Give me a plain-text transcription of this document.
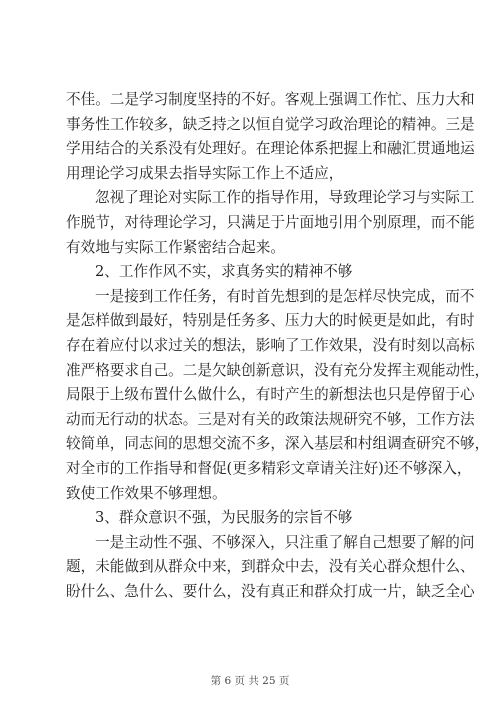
不佳。二是学习制度坚持的不好。客观上强调工作忙、压力大和
事务性工作较多，缺乏持之以恒自觉学习政治理论的精神。三是
学用结合的关系没有处理好。在理论体系把握上和融汇贯通地运
用理论学习成果去指导实际工作上不适应，
忽视了理论对实际工作的指导作用，导致理论学习与实际工
作脱节，对待理论学习，只满足于片面地引用个别原理，而不能
有效地与实际工作紧密结合起来。
2、工作作风不实，求真务实的精神不够
一是接到工作任务，有时首先想到的是怎样尽快完成，而不
是怎样做到最好，特别是任务多、压力大的时候更是如此，有时
存在着应付以求过关的想法，影响了工作效果，没有时刻以高标
准严格要求自己。二是欠缺创新意识，没有充分发挥主观能动性，
局限于上级布置什么做什么，有时产生的新想法也只是停留于心
动而无行动的状态。三是对有关的政策法规研究不够，工作方法
较简单，同志间的思想交流不多，深入基层和村组调查研究不够，
对全市的工作指导和督促(更多精彩文章请关注好)还不够深入，
致使工作效果不够理想。
3、群众意识不强，为民服务的宗旨不够
一是主动性不强、不够深入，只注重了解自己想要了解的问
题，未能做到从群众中来，到群众中去，没有关心群众想什么、
盼什么、急什么、要什么，没有真正和群众打成一片，缺乏全心
第 6 页 共 25 页
